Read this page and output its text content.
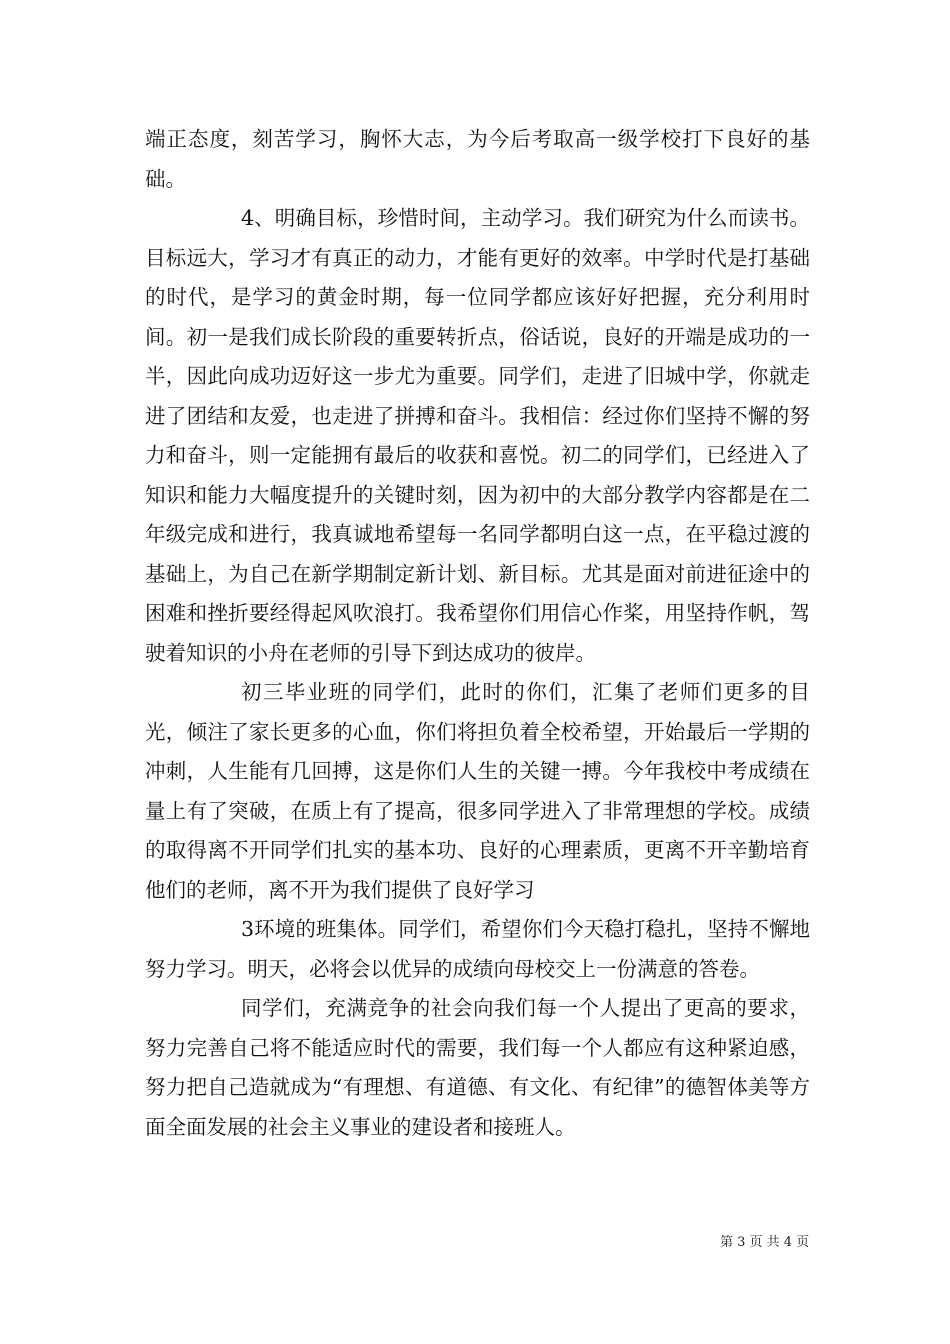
端正态度，刻苦学习，胸怀大志，为今后考取高一级学校打下良好的基础。

4、明确目标，珍惜时间，主动学习。我们研究为什么而读书。目标远大，学习才有真正的动力，才能有更好的效率。中学时代是打基础的时代，是学习的黄金时期，每一位同学都应该好好把握，充分利用时间。初一是我们成长阶段的重要转折点，俗话说，良好的开端是成功的一半，因此向成功迈好这一步尤为重要。同学们，走进了旧城中学，你就走进了团结和友爱，也走进了拼搏和奋斗。我相信：经过你们坚持不懈的努力和奋斗，则一定能拥有最后的收获和喜悦。初二的同学们，已经进入了知识和能力大幅度提升的关键时刻，因为初中的大部分教学内容都是在二年级完成和进行，我真诚地希望每一名同学都明白这一点，在平稳过渡的基础上，为自己在新学期制定新计划、新目标。尤其是面对前进征途中的困难和挫折要经得起风吹浪打。我希望你们用信心作桨，用坚持作帆，驾驶着知识的小舟在老师的引导下到达成功的彼岸。

初三毕业班的同学们，此时的你们，汇集了老师们更多的目光，倾注了家长更多的心血，你们将担负着全校希望，开始最后一学期的冲刺，人生能有几回搏，这是你们人生的关键一搏。今年我校中考成绩在量上有了突破，在质上有了提高，很多同学进入了非常理想的学校。成绩的取得离不开同学们扎实的基本功、良好的心理素质，更离不开辛勤培育他们的老师，离不开为我们提供了良好学习

3环境的班集体。同学们，希望你们今天稳打稳扎，坚持不懈地努力学习。明天，必将会以优异的成绩向母校交上一份满意的答卷。

同学们，充满竞争的社会向我们每一个人提出了更高的要求，努力完善自己将不能适应时代的需要，我们每一个人都应有这种紧迫感，努力把自己造就成为“有理想、有道德、有文化、有纪律”的德智体美等方面全面发展的社会主义事业的建设者和接班人。

第 3 页 共 4 页
